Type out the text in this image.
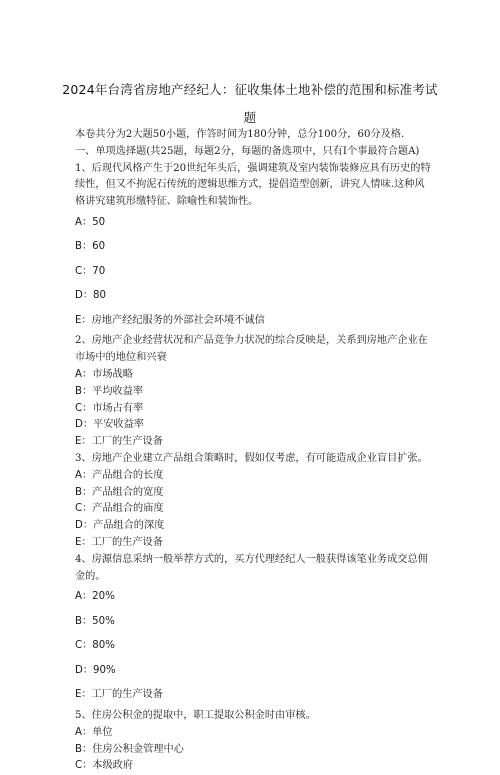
2024年台湾省房地产经纪人：征收集体土地补偿的范围和标准考试
题
本卷共分为2大题50小题，作答时间为180分钟，总分100分，60分及格.
一、单项选择题(共25题，每题2分，每题的备选项中，只有I个事最符合题A)
1、后现代风格产生于20世纪年头后，强调建筑及室内装饰装修应具有历史的特
续性，但又不拘泥石传统的逻辑思维方式，提倡造型创新，讲究人情味.这种风
格讲究建筑形缴特征、除喻性和装饰性。
A：50
B：60
C：70
D：80
E：房地产经纪服务的外部社会环境不诚信
2、房地产企业经营状况和产品竞争力状况的综合反映是，关系到房地产企业在
市场中的地位和兴衰
A：市场战略
B：平均收益率
C：市场占有率
D：平安收益率
E：工厂的生产设备
3、房地产企业建立产品组合策略时，假如仅考虑，有可能造成企业盲目扩张。
A：产品组合的长度
B：产品组合的宽度
C：产品组合的庙度
D：产品组合的深度
E：工厂的生产设备
4、房源信息采纳一般举荐方式的，买方代理经纪人一般获得该笔业务成交总佣
金的。
A：20%
B：50%
C：80%
D：90%
E：工厂的生产设备
5、住房公积金的提取中，职工提取公积金时由审核。
A：单位
B：住房公积金管理中心
C：本级政府
